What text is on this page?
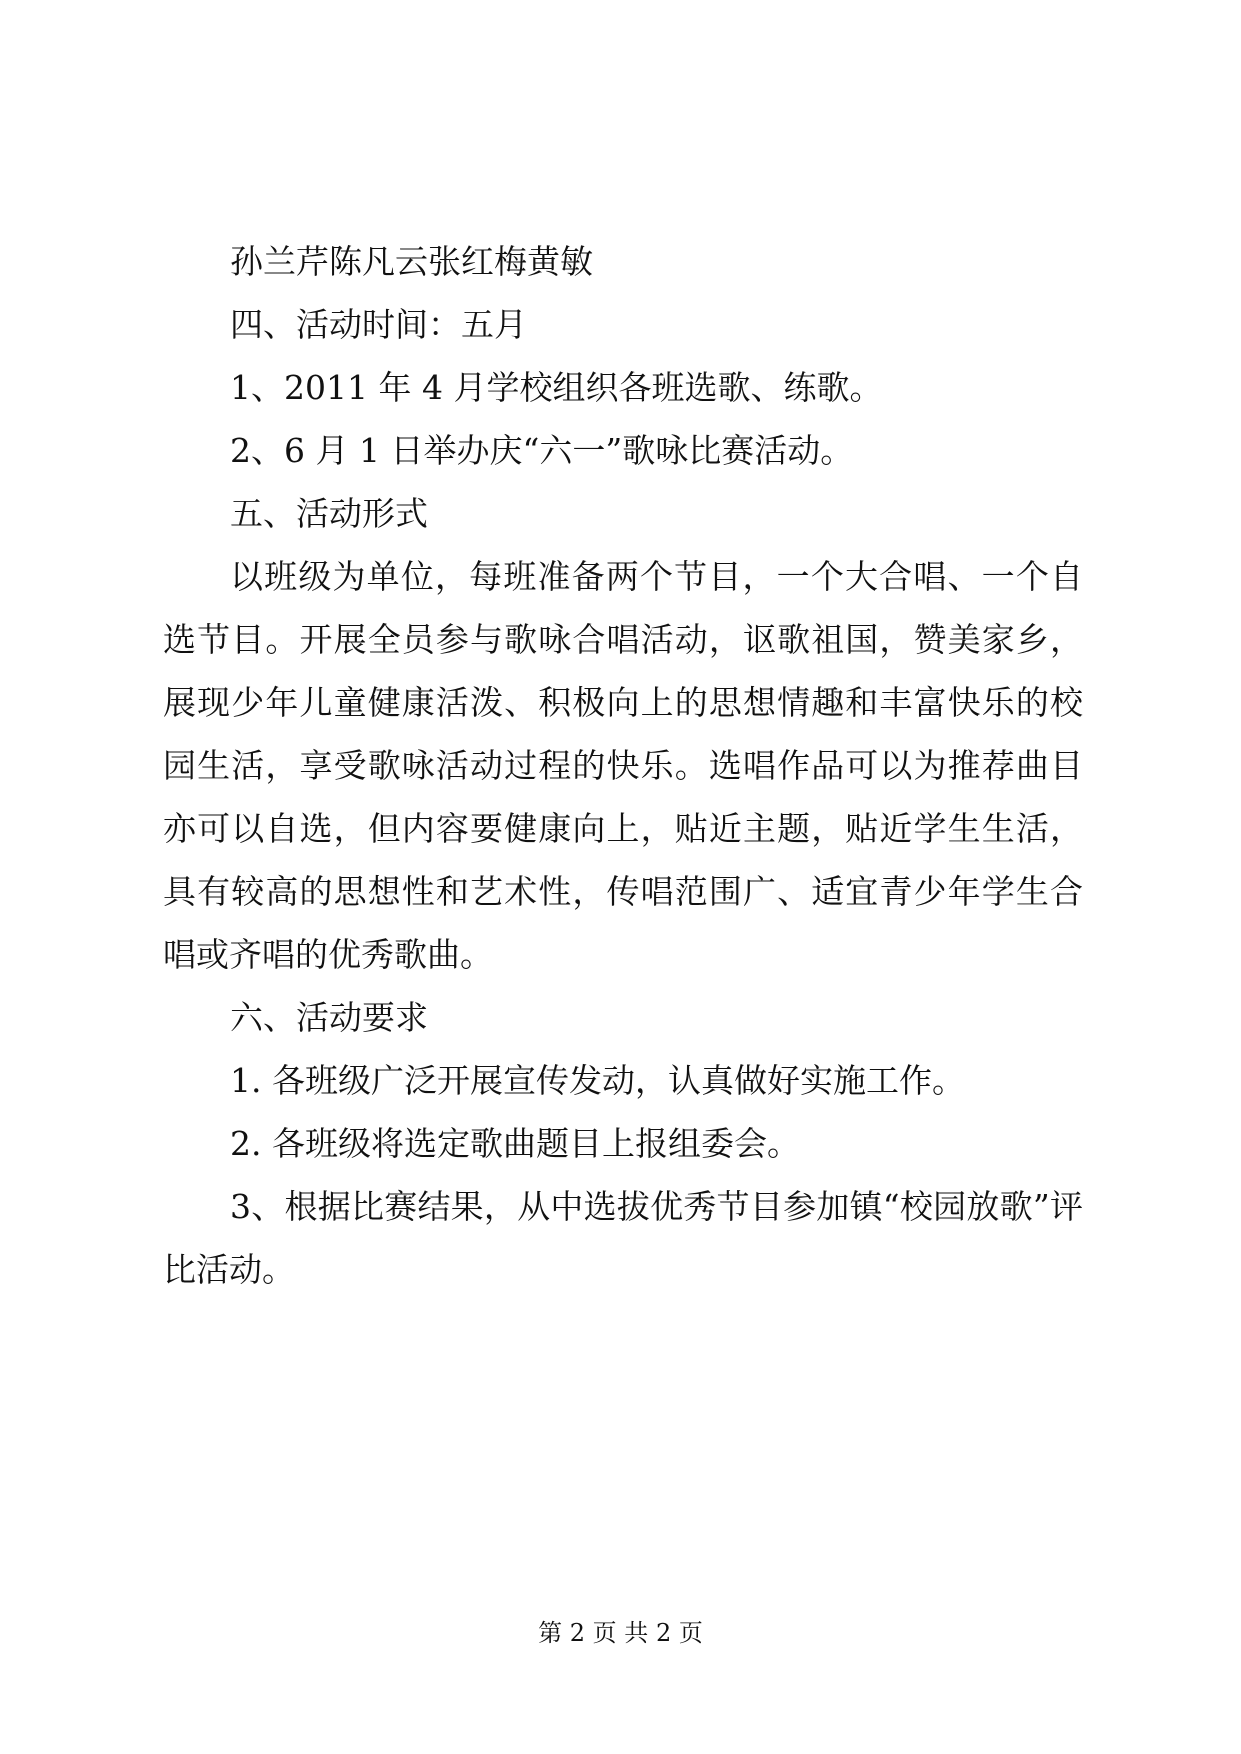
孙兰芹陈凡云张红梅黄敏

四、活动时间：五月

1、2011 年 4 月学校组织各班选歌、练歌。

2、6 月 1 日举办庆“六一”歌咏比赛活动。

五、活动形式

以班级为单位，每班准备两个节目，一个大合唱、一个自选节目。开展全员参与歌咏合唱活动，讴歌祖国，赞美家乡，展现少年儿童健康活泼、积极向上的思想情趣和丰富快乐的校园生活，享受歌咏活动过程的快乐。选唱作品可以为推荐曲目亦可以自选，但内容要健康向上，贴近主题，贴近学生生活，具有较高的思想性和艺术性，传唱范围广、适宜青少年学生合唱或齐唱的优秀歌曲。

六、活动要求

1. 各班级广泛开展宣传发动，认真做好实施工作。

2. 各班级将选定歌曲题目上报组委会。

3、根据比赛结果，从中选拔优秀节目参加镇“校园放歌”评比活动。

第 2 页 共 2 页
